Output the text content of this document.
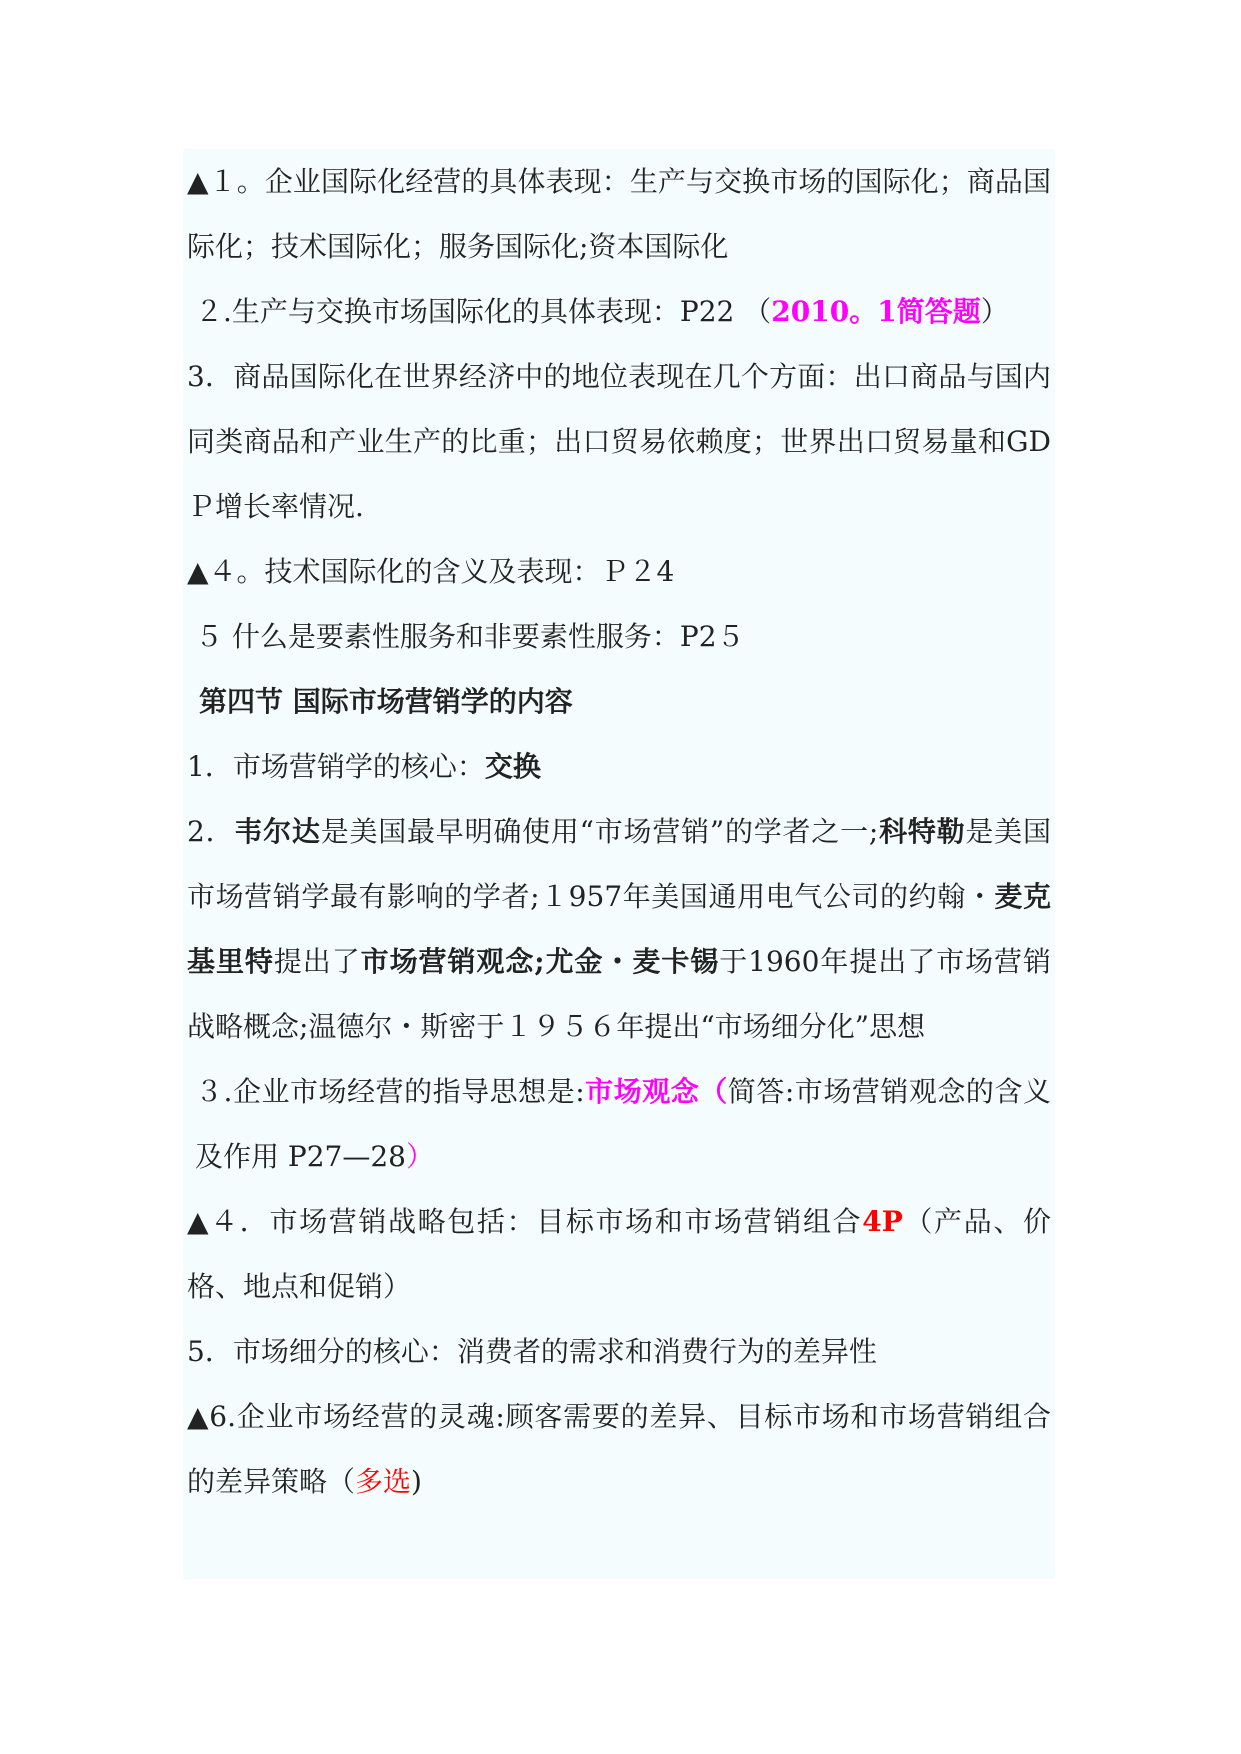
▲１。企业国际化经营的具体表现：生产与交换市场的国际化；商品国际化；技术国际化；服务国际化;资本国际化
２.生产与交换市场国际化的具体表现：P22 （2010。1简答题）
3．商品国际化在世界经济中的地位表现在几个方面：出口商品与国内同类商品和产业生产的比重；出口贸易依赖度；世界出口贸易量和GDＰ增长率情况.
▲４。技术国际化的含义及表现：Ｐ２4
５ 什么是要素性服务和非要素性服务：P2５
第四节 国际市场营销学的内容
1．市场营销学的核心：交换
2．韦尔达是美国最早明确使用“市场营销”的学者之一;科特勒是美国市场营销学最有影响的学者;１957年美国通用电气公司的约翰・麦克基里特提出了市场营销观念;尤金・麦卡锡于1960年提出了市场营销战略概念;温德尔・斯密于１９５６年提出“市场细分化”思想
３.企业市场经营的指导思想是:市场观念（简答:市场营销观念的含义及作用 P27—28）
▲４．市场营销战略包括：目标市场和市场营销组合4P（产品、价格、地点和促销）
5．市场细分的核心：消费者的需求和消费行为的差异性
▲6.企业市场经营的灵魂:顾客需要的差异、目标市场和市场营销组合的差异策略（多选)
